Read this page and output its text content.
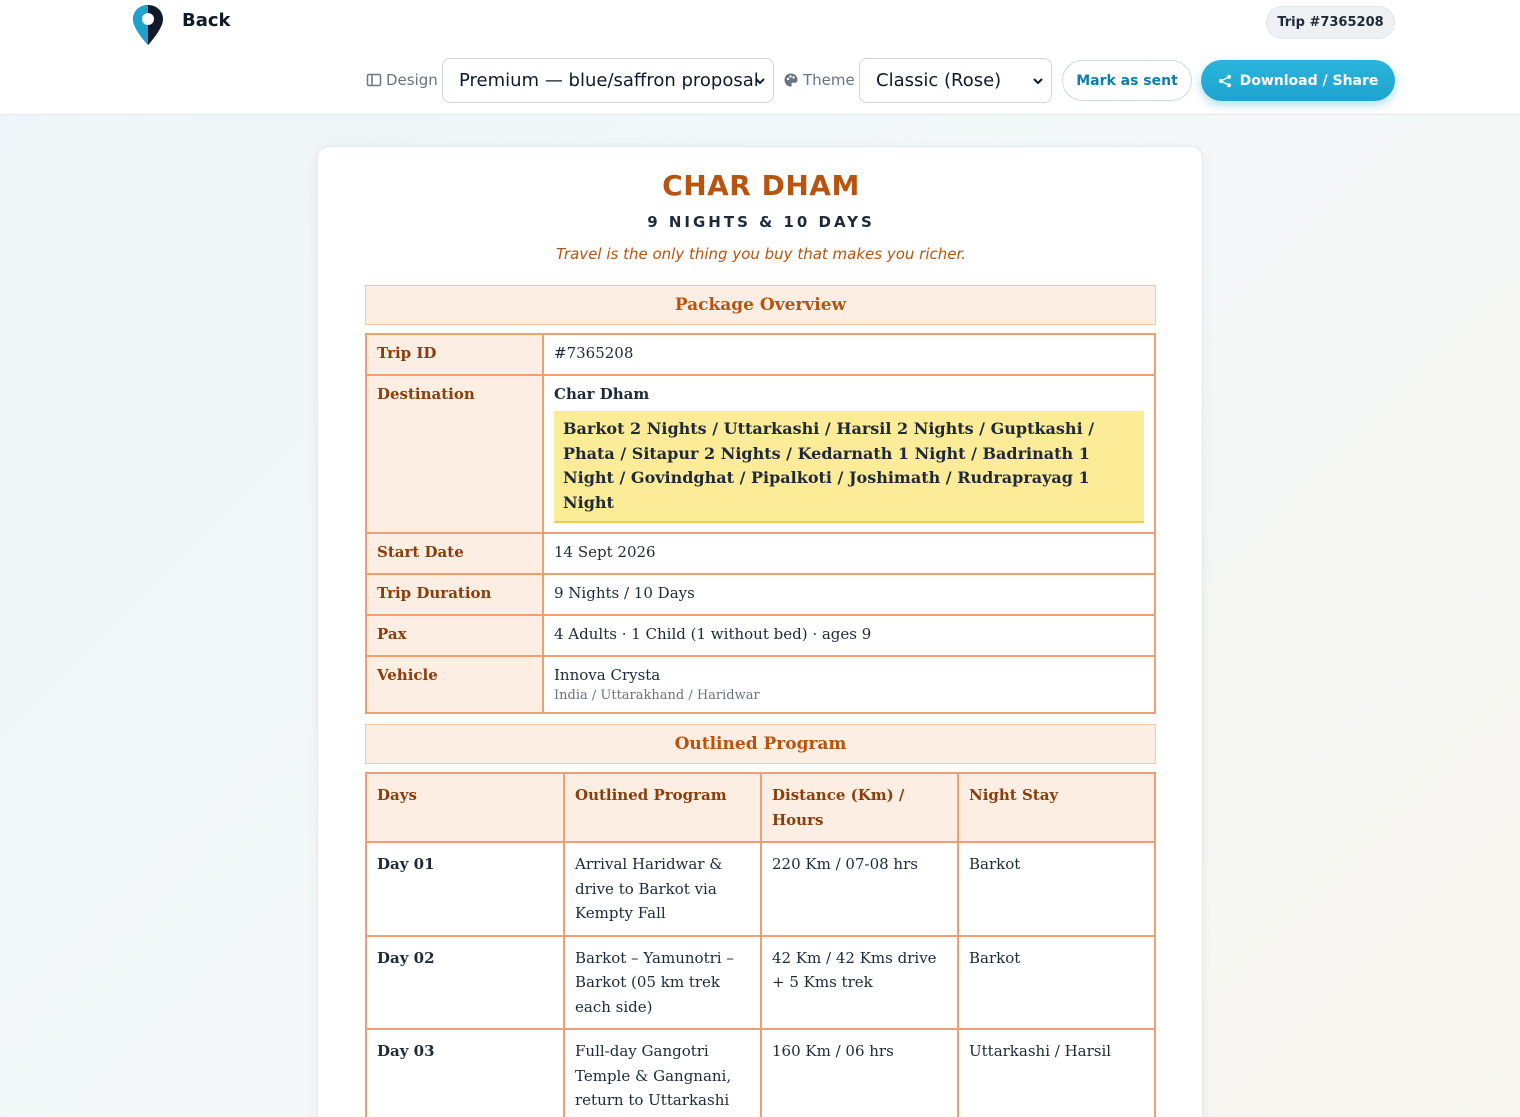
Back	Trip #7365208
Design Premium — blue/saffron proposal	Theme Classic (Rose)	Mark as sent	Download / Share
CHAR DHAM
9 NIGHTS & 10 DAYS
Travel is the only thing you buy that makes you richer.
Package Overview
Trip ID	#7365208
Destination	Char Dham
Barkot 2 Nights / Uttarkashi / Harsil 2 Nights / Guptkashi / Phata / Sitapur 2 Nights / Kedarnath 1 Night / Badrinath 1 Night / Govindghat / Pipalkoti / Joshimath / Rudraprayag 1 Night

Start Date	14 Sept 2026
Trip Duration	9 Nights / 10 Days
Pax	4 Adults · 1 Child (1 without bed) · ages 9
Vehicle	Innova Crysta
India / Uttarakhand / Haridwar
Outlined Program
Days	Outlined Program	Distance (Km) / Hours	Night Stay
Day 01	Arrival Haridwar & drive to Barkot via Kempty Fall	220 Km / 07-08 hrs	Barkot
Day 02	Barkot – Yamunotri – Barkot (05 km trek each side)	42 Km / 42 Kms drive + 5 Kms trek	Barkot
Day 03	Full-day Gangotri Temple & Gangnani, return to Uttarkashi	160 Km / 06 hrs	Uttarkashi / Harsil
